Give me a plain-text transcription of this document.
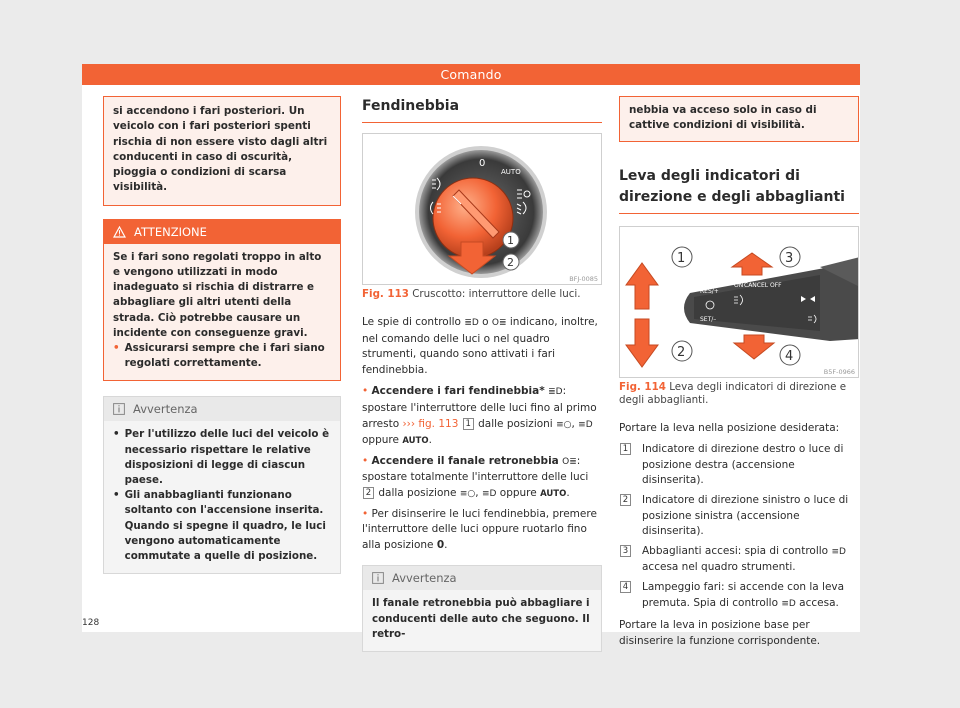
Comando

si accendono i fari posteriori. Un veicolo con i fari posteriori spenti rischia di non essere visto dagli altri conducenti in caso di oscurità, pioggia o condizioni di scarsa visibilità.

ATTENZIONE

Se i fari sono regolati troppo in alto e vengono utilizzati in modo inadeguato si rischia di distrarre e abbagliare gli altri utenti della strada. Ciò potrebbe causare un incidente con conseguenze gravi.

• Assicurarsi sempre che i fari siano regolati correttamente.
Avvertenza
• Per l'utilizzo delle luci del veicolo è necessario rispettare le relative disposizioni di legge di ciascun paese.
• Gli anabbaglianti funzionano soltanto con l'accensione inserita. Quando si spegne il quadro, le luci vengono automaticamente commutate a quelle di posizione.
Fendinebbia
0
AUTO
1
2
BFJ-0085
Fig. 113 Cruscotto: interruttore delle luci.

Le spie di controllo ≣D o O≣ indicano, inoltre, nel comando delle luci o nel quadro strumenti, quando sono attivati i fari fendinebbia.

• Accendere i fari fendinebbia* ≣D: spostare l'interruttore delle luci fino al primo arresto ››› fig. 113 1 dalle posizioni ≡○, ≡D oppure AUTO.

• Accendere il fanale retronebbia O≣: spostare totalmente l'interruttore delle luci 2 dalla posizione ≡○, ≡D oppure AUTO.

• Per disinserire le luci fendinebbia, premere l'interruttore delle luci oppure ruotarlo fino alla posizione 0.

Avvertenza

Il fanale retronebbia può abbagliare i conducenti delle auto che seguono. Il retro-

nebbia va acceso solo in caso di cattive condizioni di visibilità.

Leva degli indicatori di direzione e degli abbaglianti
RES/+
SET/–
ON CANCEL OFF
1
2
3
4
B5F-0966
Fig. 114 Leva degli indicatori di direzione e degli abbaglianti.

Portare la leva nella posizione desiderata:

1 Indicatore di direzione destro o luce di posizione destra (accensione disinserita).
2 Indicatore di direzione sinistro o luce di posizione sinistra (accensione disinserita).
3 Abbaglianti accesi: spia di controllo ≡D accesa nel quadro strumenti.
4 Lampeggio fari: si accende con la leva premuta. Spia di controllo ≡D accesa.

Portare la leva in posizione base per disinserire la funzione corrispondente.

128
